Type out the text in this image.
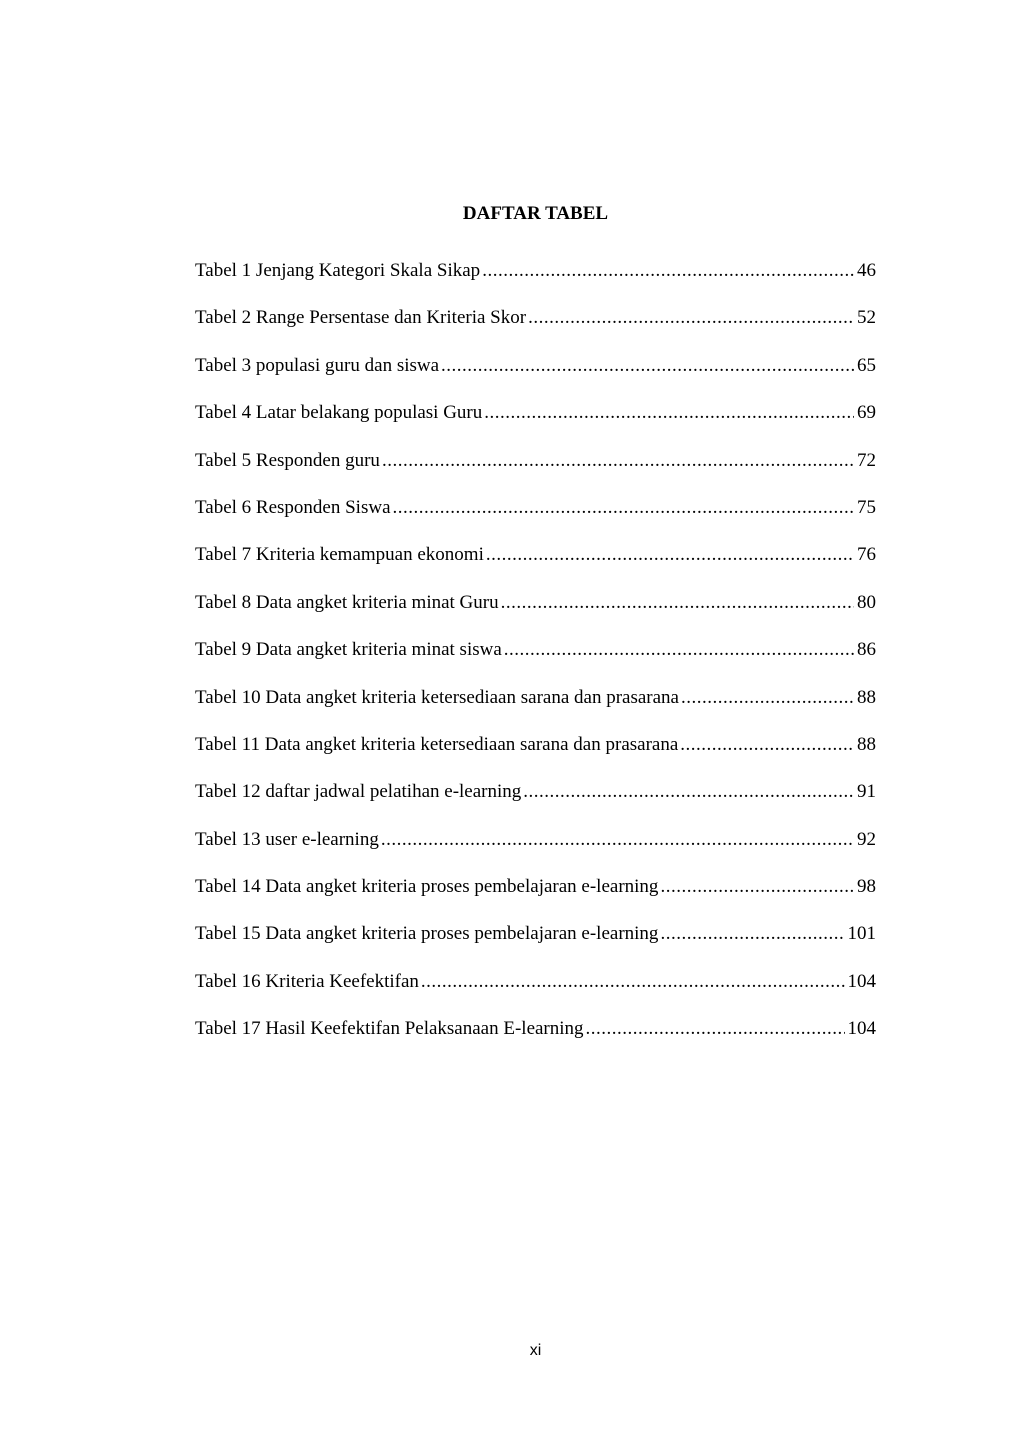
DAFTAR TABEL
Tabel 1 Jenjang Kategori Skala Sikap .....	46
Tabel 2 Range Persentase dan Kriteria Skor .....	52
Tabel 3 populasi guru dan siswa .....	65
Tabel 4 Latar belakang populasi Guru .....	69
Tabel 5 Responden guru .....	72
Tabel 6 Responden Siswa .....	75
Tabel 7 Kriteria kemampuan ekonomi .....	76
Tabel 8 Data angket kriteria minat Guru .....	80
Tabel 9 Data angket kriteria minat siswa .....	86
Tabel 10 Data angket kriteria ketersediaan sarana dan prasarana .....	88
Tabel 11 Data angket kriteria ketersediaan sarana dan prasarana .....	88
Tabel 12 daftar jadwal pelatihan e-learning .....	91
Tabel 13 user e-learning .....	92
Tabel 14 Data angket kriteria proses pembelajaran e-learning .....	98
Tabel 15 Data angket kriteria proses pembelajaran e-learning .....	101
Tabel 16 Kriteria Keefektifan .....	104
Tabel 17 Hasil Keefektifan Pelaksanaan E-learning .....	104
xi
